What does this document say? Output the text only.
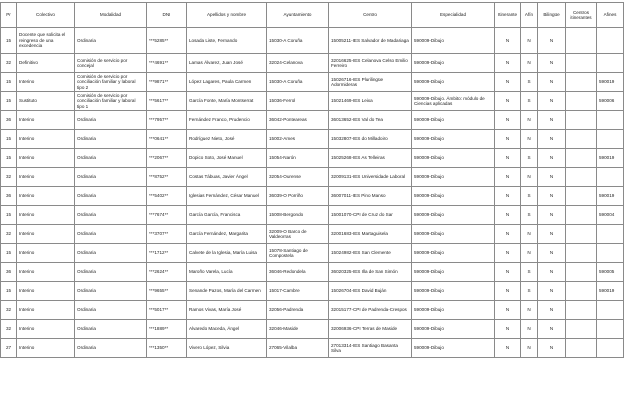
Pr	Colectivo	Modalidad	DNI	Apellidos y nombre	Ayuntamiento	Centro	Especialidad	Itinerante	Afín	Bilingüe	Centros itinerantes	Afines
15	Docente que solicita el reingreso de una excedencia	Ordinaria	***5285**	Losada Liste, Fernando	15030-A Coruña	15005211-IES Salvador de Madariaga	590009-Dibujo	N	N	N		
32	Definitivo	Comisión de servicio por concejal	***4691**	Lamas Álvarez, Juan José	32024-Celanova	32016625-IES Celanova Celso Emilio Ferreiro	590009-Dibujo	N	N	N		
15	Interino	Comisión de servicio por conciliación familiar y laboral tipo 2	***9871**	López Lagares, Paula Carmen	15030-A Coruña	15026716-IES Plurilingüe Adormideras	590009-Dibujo	N	S	N		590019
15	Sustituto	Comisión de servicio por conciliación familiar y laboral tipo 1	***5617**	García Fonte, María Montserrat	15036-Ferrol	15021469-IES Leixa	590009-Dibujo. Ámbito: módulo de Ciencias aplicadas	N	S	N		590006
36	Interino	Ordinaria	***7957**	Fernández Franco, Prudencio	36042-Ponteareas	36013652-IES Val do Tea	590009-Dibujo	N	N	N		
15	Interino	Ordinaria	***0641**	Rodríguez Nieto, José	15002-Ames	15032807-IES do Milladoiro	590009-Dibujo	N	N	N		
15	Interino	Ordinaria	***2067**	Dopico Soto, José Manuel	15054-Narón	15025268-IES As Telleiras	590009-Dibujo	N	S	N		590019
32	Interino	Ordinaria	***8752**	Costas Tábuas, Javier Ángel	32054-Ourense	32009131-IES Universidade Laboral	590009-Dibujo	N	N	N		
36	Interino	Ordinaria	***5402**	Iglesias Fernández, César Manuel	36039-O Porriño	36007011-IES Pino Manso	590009-Dibujo	N	S	N		590019
15	Interino	Ordinaria	***7674**	García García, Francisca	15008-Bergondo	15001070-CPI de Cruz do Sar	590009-Dibujo	N	S	N		590004
32	Interino	Ordinaria	***3707**	García Fernández, Margarita	32009-O Barco de Valdeorras	32001683-IES Martaguisela	590009-Dibujo	N	N	N		
15	Interino	Ordinaria	***1712**	Calvete de la Iglesia, María Luisa	15078-Santiago de Compostela	15024982-IES San Clemente	590009-Dibujo	N	N	N		
36	Interino	Ordinaria	***2624**	Maroño Varela, Lucía	36046-Redondela	36020325-IES Illa de San Simón	590009-Dibujo	N	S	N		590005
15	Interino	Ordinaria	***9655**	Senande Pazos, María del Carmen	15017-Cambre	15026704-IES David Buján	590009-Dibujo	N	S	N		590019
32	Interino	Ordinaria	***5017**	Ramos Vivas, María José	32056-Padrenda	32015177-CPI de Padrenda-Crespos	590009-Dibujo	N	N	N		
32	Interino	Ordinaria	***1889**	Alvaredo Maceda, Ángel	32046-Maside	32006936-CPI Terras de Maside	590009-Dibujo	N	N	N		
27	Interino	Ordinaria	***1350**	Vivero López, Silvia	27065-Vilalba	27013314-IES Santiago Basanta Silva	590009-Dibujo	N	N	N		
